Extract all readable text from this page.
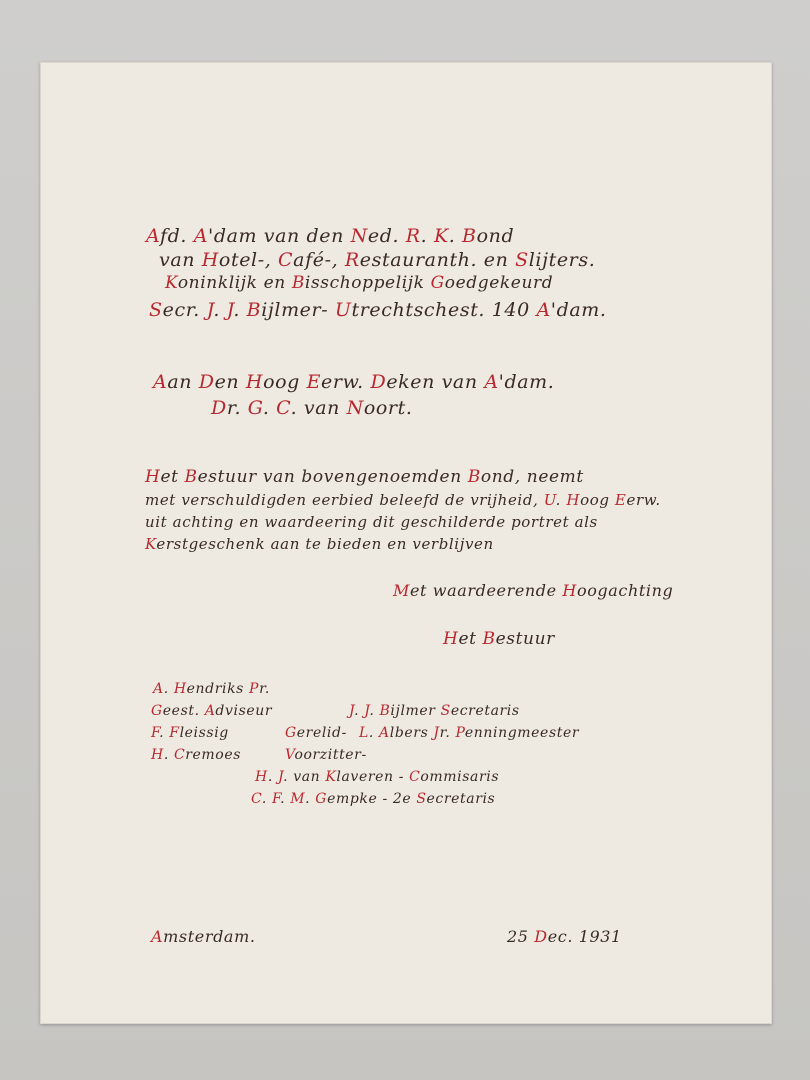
Afd. A'dam van den Ned. R. K. Bond
van Hotel-, Café-, Restauranth. en Slijters.
Koninklijk en Bisschoppelijk Goedgekeurd
Secr. J. J. Bijlmer- Utrechtschest. 140 A'dam.
Aan Den Hoog Eerw. Deken van A'dam.
Dr. G. C. van Noort.
Het Bestuur van bovengenoemden Bond, neemt
met verschuldigden eerbied beleefd de vrijheid, U. Hoog Eerw.
uit achting en waardeering dit geschilderde portret als
Kerstgeschenk aan te bieden en verblijven
Met waardeerende Hoogachting
Het Bestuur
A. Hendriks Pr.
Geest. Adviseur	J. J. Bijlmer Secretaris
F. Fleissig	Gerelid- L. Albers Jr. Penningmeester
H. Cremoes	Voorzitter-
H. J. van Klaveren - Commisaris
C. F. M. Gempke - 2e Secretaris
Amsterdam.	25 Dec. 1931
